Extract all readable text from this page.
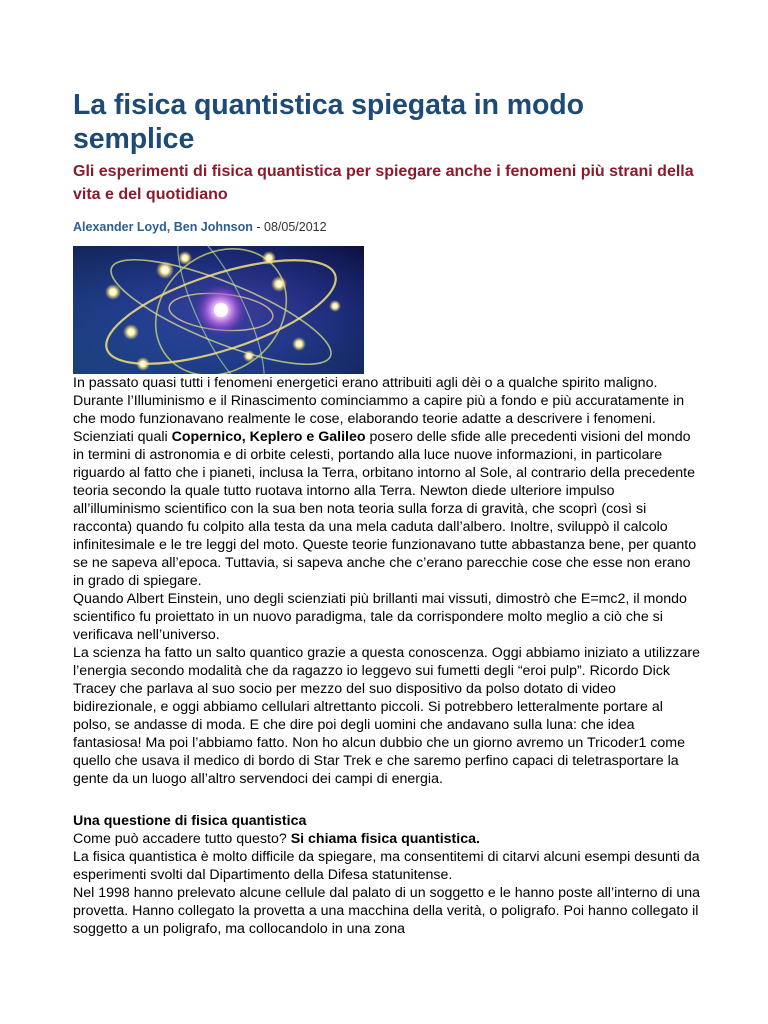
La fisica quantistica spiegata in modo semplice
Gli esperimenti di fisica quantistica per spiegare anche i fenomeni più strani della vita e del quotidiano
Alexander Loyd, Ben Johnson - 08/05/2012

In passato quasi tutti i fenomeni energetici erano attribuiti agli dèi o a qualche spirito maligno. Durante l’Illuminismo e il Rinascimento cominciammo a capire più a fondo e più accuratamente in che modo funzionavano realmente le cose, elaborando teorie adatte a descrivere i fenomeni.

Scienziati quali Copernico, Keplero e Galileo posero delle sfide alle precedenti visioni del mondo in termini di astronomia e di orbite celesti, portando alla luce nuove informazioni, in particolare riguardo al fatto che i pianeti, inclusa la Terra, orbitano intorno al Sole, al contrario della precedente teoria secondo la quale tutto ruotava intorno alla Terra. Newton diede ulteriore impulso all’illuminismo scientifico con la sua ben nota teoria sulla forza di gravità, che scoprì (così si racconta) quando fu colpito alla testa da una mela caduta dall’albero. Inoltre, sviluppò il calcolo infinitesimale e le tre leggi del moto. Queste teorie funzionavano tutte abbastanza bene, per quanto se ne sapeva all’epoca. Tuttavia, si sapeva anche che c’erano parecchie cose che esse non erano in grado di spiegare.

Quando Albert Einstein, uno degli scienziati più brillanti mai vissuti, dimostrò che E=mc2, il mondo scientifico fu proiettato in un nuovo paradigma, tale da corrispondere molto meglio a ciò che si verificava nell’universo.

La scienza ha fatto un salto quantico grazie a questa conoscenza. Oggi abbiamo iniziato a utilizzare l’energia secondo modalità che da ragazzo io leggevo sui fumetti degli “eroi pulp”. Ricordo Dick Tracey che parlava al suo socio per mezzo del suo dispositivo da polso dotato di video bidirezionale, e oggi abbiamo cellulari altrettanto piccoli. Si potrebbero letteralmente portare al polso, se andasse di moda. E che dire poi degli uomini che andavano sulla luna: che idea fantasiosa! Ma poi l’abbiamo fatto. Non ho alcun dubbio che un giorno avremo un Tricoder1 come quello che usava il medico di bordo di Star Trek e che saremo perfino capaci di teletrasportare la gente da un luogo all’altro servendoci dei campi di energia.

Una questione di fisica quantistica

Come può accadere tutto questo? Si chiama fisica quantistica.

La fisica quantistica è molto difficile da spiegare, ma consentitemi di citarvi alcuni esempi desunti da esperimenti svolti dal Dipartimento della Difesa statunitense.

Nel 1998 hanno prelevato alcune cellule dal palato di un soggetto e le hanno poste all’interno di una provetta. Hanno collegato la provetta a una macchina della verità, o poligrafo. Poi hanno collegato il soggetto a un poligrafo, ma collocandolo in una zona
